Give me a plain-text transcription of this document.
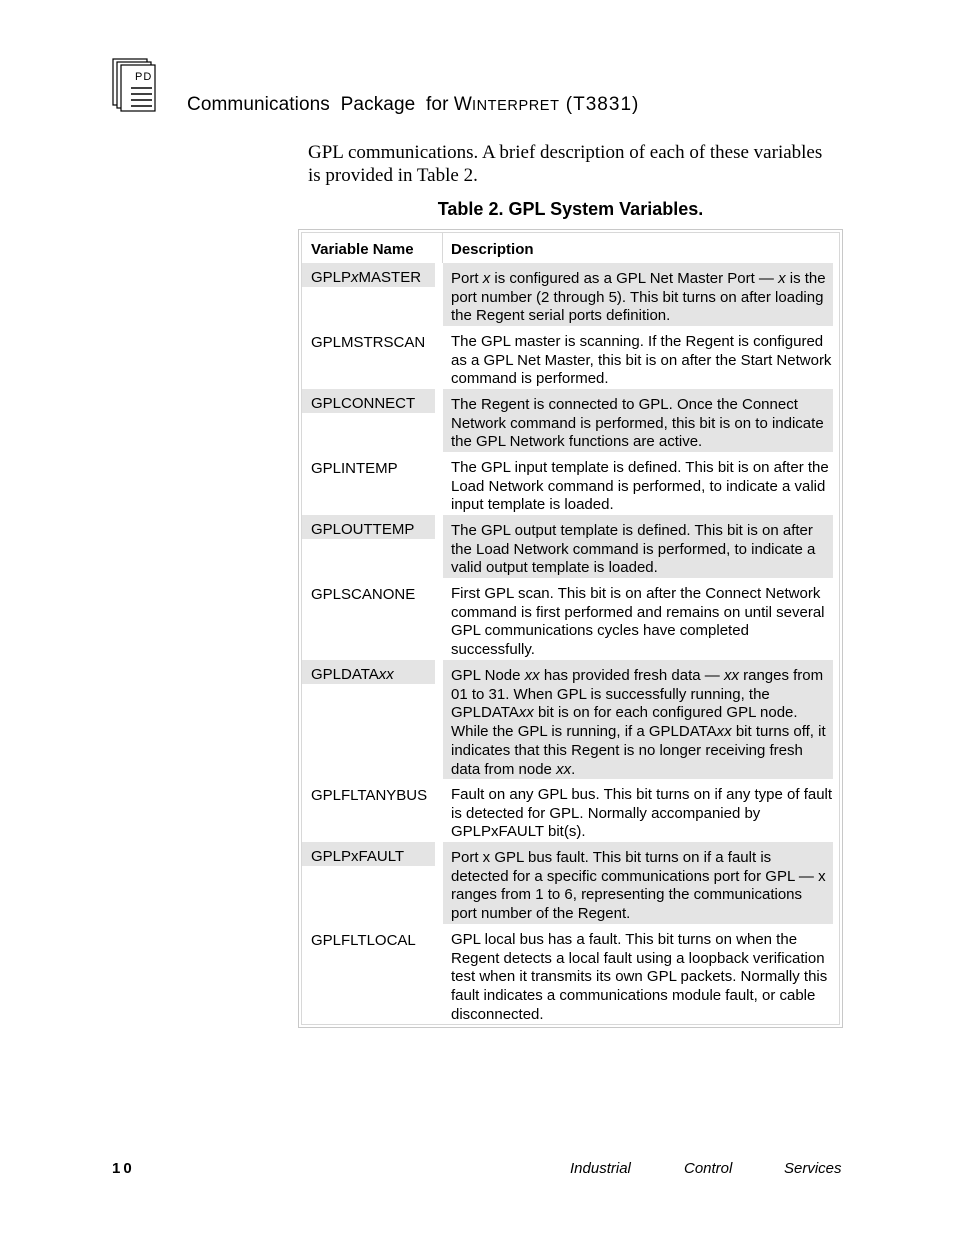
PD
Communications  Package  for WINTERPRET (T3831)
GPL communications. A brief description of each of these variables is provided in Table 2.
Table 2. GPL System Variables.
Variable Name	Description
GPLPxMASTER	Port x is configured as a GPL Net Master Port — x is the port number (2 through 5). This bit turns on after loading the Regent serial ports definition.
GPLMSTRSCAN	The GPL master is scanning. If the Regent is configured as a GPL Net Master, this bit is on after the Start Network command is performed.
GPLCONNECT	The Regent is connected to GPL. Once the Connect Network command is performed, this bit is on to indicate the GPL Network functions are active.
GPLINTEMP	The GPL input template is defined. This bit is on after the Load Network command is performed, to indicate a valid input template is loaded.
GPLOUTTEMP	The GPL output template is defined. This bit is on after the Load Network command is performed, to indicate a valid output template is loaded.
GPLSCANONE	First GPL scan. This bit is on after the Connect Network command is first performed and remains on until several GPL communications cycles have completed successfully.
GPLDATAxx	GPL Node xx has provided fresh data — xx ranges from 01 to 31. When GPL is successfully running, the GPLDATAxx bit is on for each configured GPL node. While the GPL is running, if a GPLDATAxx bit turns off, it indicates that this Regent is no longer receiving fresh data from node xx.
GPLFLTANYBUS	Fault on any GPL bus. This bit turns on if any type of fault is detected for GPL. Normally accompanied by GPLPxFAULT bit(s).
GPLPxFAULT	Port x GPL bus fault. This bit turns on if a fault is detected for a specific communications port for GPL — x ranges from 1 to 6, representing the communications port number of the Regent.
GPLFLTLOCAL	GPL local bus has a fault. This bit turns on when the Regent detects a local fault using a loopback verification test when it transmits its own GPL packets. Normally this fault indicates a communications module fault, or cable disconnected.
10	Industrial	Control	Services
